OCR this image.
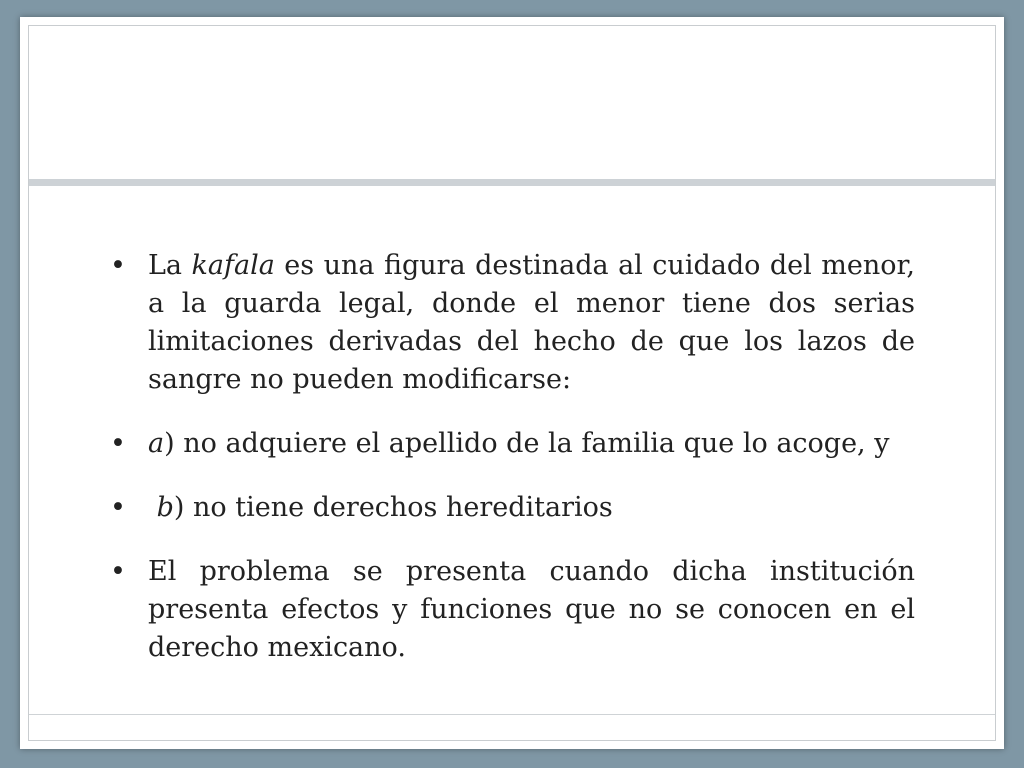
• La kafala es una figura destinada al cuidado del menor, a la guarda legal, donde el menor tiene dos serias limitaciones derivadas del hecho de que los lazos de sangre no pueden modificarse:
• a) no adquiere el apellido de la familia que lo acoge, y
• b) no tiene derechos hereditarios
• El problema se presenta cuando dicha institución presenta efectos y funciones que no se conocen en el derecho mexicano.
